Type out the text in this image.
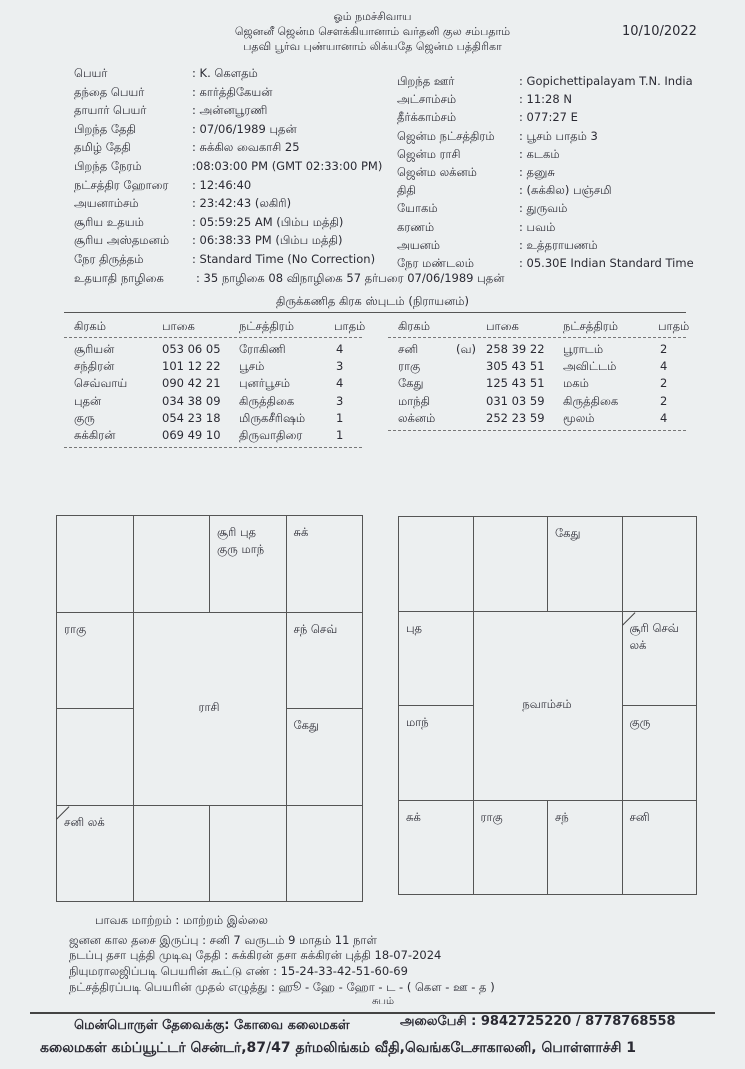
ஓம் நமச்சிவாய
ஜெனனீ ஜென்ம சௌக்கியானாம் வர்தனி குல சம்பதாம்
பதவி பூர்வ புண்யானாம் லிக்யதே ஜென்ம பத்திரிகா
10/10/2022
பெயர்	: K. கௌதம்
தந்தை பெயர்	: கார்த்திகேயன்
தாயார் பெயர்	: அன்னபூரணி
பிறந்த தேதி	: 07/06/1989 புதன்
தமிழ் தேதி	: சுக்கில வைகாசி 25
பிறந்த நேரம்	:08:03:00 PM (GMT 02:33:00 PM)
நட்சத்திர ஹோரை : 12:46:40
அயனாம்சம்	: 23:42:43 (லகிரி)
சூரிய உதயம்	: 05:59:25 AM (பிம்ப மத்தி)
சூரிய அஸ்தமனம் : 06:38:33 PM (பிம்ப மத்தி)
நேர திருத்தம்	: Standard Time (No Correction)
உதயாதி நாழிகை	: 35 நாழிகை 08 விநாழிகை 57 தர்பரை 07/06/1989 புதன்
பிறந்த ஊர்	: Gopichettipalayam T.N. India
அட்சாம்சம்	: 11:28 N
தீர்க்காம்சம்	: 077:27 E
ஜென்ம நட்சத்திரம் : பூசம் பாதம் 3
ஜென்ம ராசி	: கடகம்
ஜென்ம லக்னம்	: தனுசு
திதி	: (சுக்கில) பஞ்சமி
யோகம்	: துருவம்
கரணம்	: பவம்
அயனம்	: உத்தராயணம்
நேர மண்டலம்	: 05.30E Indian Standard Time
திருக்கணித கிரக ஸ்புடம் (நிராயனம்)
கிரகம்	பாகை	நட்சத்திரம்	பாதம்
சூரியன்	053 06 05 ரோகிணி	4
சந்திரன்	101 12 22 பூசம்	3
செவ்வாய்	090 42 21 புனர்பூசம்	4
புதன்	034 38 09 கிருத்திகை	3
குரு	054 23 18 மிருகசீரிஷம்	1
சுக்கிரன்	069 49 10 திருவாதிரை	1
கிரகம்	பாகை	நட்சத்திரம்	பாதம்
சனி	(வ) 258 39 22 பூராடம்	2
ராகு	305 43 51 அவிட்டம்	4
கேது	125 43 51 மகம்	2
மாந்தி	031 03 59 கிருத்திகை	2
லக்னம்	252 23 59 மூலம்	4
ராசி
சூரி புத
குரு மாந்
சுக்
ராகு	சந் செவ்
கேது
சனி லக்
நவாம்சம்
கேது
புத	சூரி செவ்
லக்
மாந்	குரு
சுக்	ராகு	சந்	சனி
பாவக மாற்றம் : மாற்றம் இல்லை
ஜனன கால தசை இருப்பு : சனி 7 வருடம் 9 மாதம் 11 நாள்
நடப்பு தசா புத்தி முடிவு தேதி : சுக்கிரன் தசா சுக்கிரன் புத்தி 18-07-2024
நியுமராலஜிப்படி பெயரின் கூட்டு எண் : 15-24-33-42-51-60-69
நட்சத்திரப்படி பெயரின் முதல் எழுத்து : ஹூ - ஹே - ஹோ - ட - ( கௌ - ஊ - த )
சுபம்
மென்பொருள் தேவைக்கு: கோவை கலைமகள்	அலைபேசி : 9842725220 / 8778768558
கலைமகள் கம்ப்யூட்டர் சென்டர்,87/47 தர்மலிங்கம் வீதி,வெங்கடேசாகாலனி, பொள்ளாச்சி 1
